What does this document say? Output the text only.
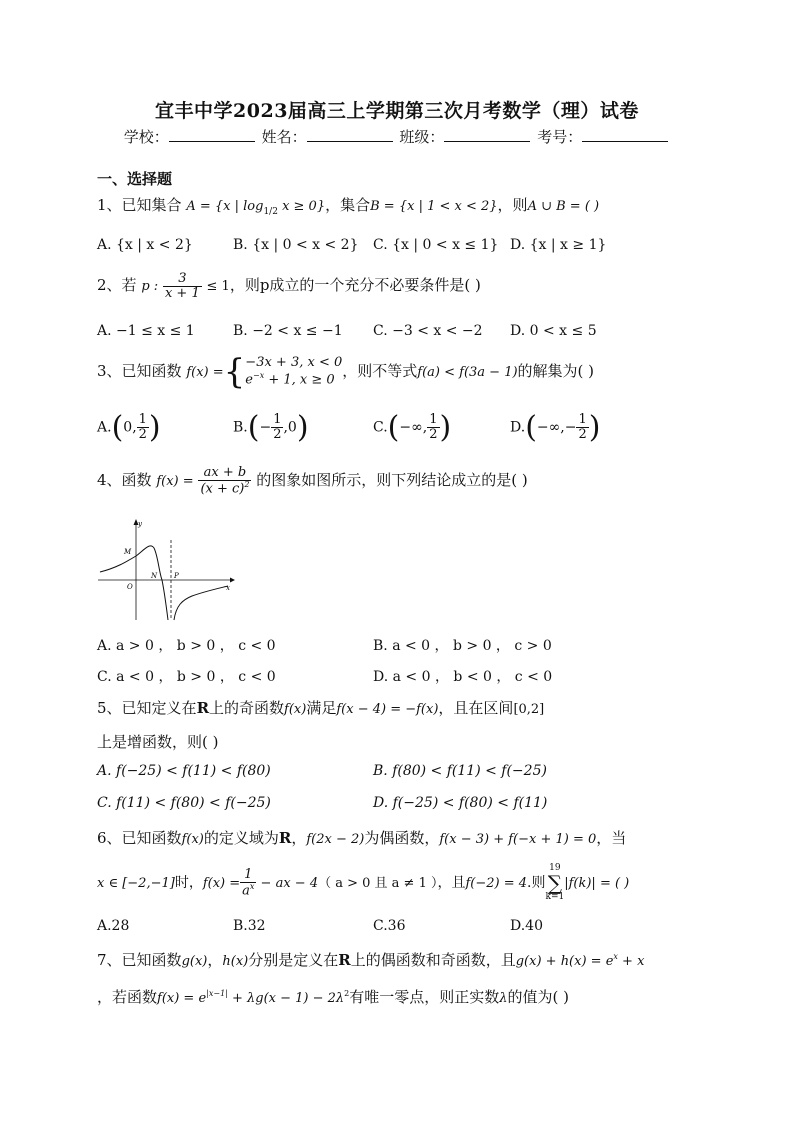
宜丰中学2023届高三上学期第三次月考数学（理）试卷
学校：	姓名：	班级：	考号：
一、选择题
1、已知集合 A = {x | $\log_{1/2} x \ge 0$}，集合B = {x | 1 < x < 2}，则A ∪ B = ( )
A. {x | x < 2}	B. {x | 0 < x < 2} C. {x | 0 < x ≤ 1} D. {x | x ≥ 1}
2、若 p : $\frac{3}{x + 1} \le 1$，则p成立的一个充分不必要条件是( )
A. −1 ≤ x ≤ 1	B. −2 < x ≤ −1 C. −3 < x < −2 D. 0 < x ≤ 5
3、已知函数 f(x) ={ −3x + 3, x < 0
$e^{-x} + 1$, x ≥ 0
，则不等式f(a) < f(3a − 1)的解集为( )
A.(0, $\frac{1}{2}$ )	$B.(- \frac{1}{2} ,0)$	C.(−∞, $\frac{1}{2}$ )	$D.(-\infty,- \frac{1}{2}$ )
4、函数 $f(x) = \frac{ax + b}{(x + c)^2}$ 的图象如图所示，则下列结论成立的是( )
y
x
O
M
N P
A. a > 0 ， b > 0 ， c < 0	B. a < 0 ， b > 0 ， c > 0
C. a < 0 ， b > 0 ， c < 0	D. a < 0 ， b < 0 ， c < 0
5、已知定义在R上的奇函数f(x)满足f(x − 4) = −f(x)，且在区间[0,2]
上是增函数，则( )
A. f(−25) < f(11) < f(80)	B. f(80) < f(11) < f(−25)
C. f(11) < f(80) < f(−25)	D. f(−25) < f(80) < f(11)
6、已知函数f(x)的定义域为R，f(2x − 2)为偶函数，f(x − 3) + f(−x + 1) = 0，当
x ∈ [−2,−1]时，$f(x) = \frac{1}{a^x}$ − ax − 4（ a > 0 且 a ≠ 1 ），且f(−2) = 4.则19
∑
k=1|f(k)| = ( )
A.28	B.32	C.36	D.40
7、已知函数g(x)，h(x)分别是定义在R上的偶函数和奇函数，且$g(x) + h(x) = e^x + x$
，若函数$f(x) = e^{|x-1|} + \lambda g(x - 1) - 2\lambda^2$有唯一零点，则正实数λ的值为( )
